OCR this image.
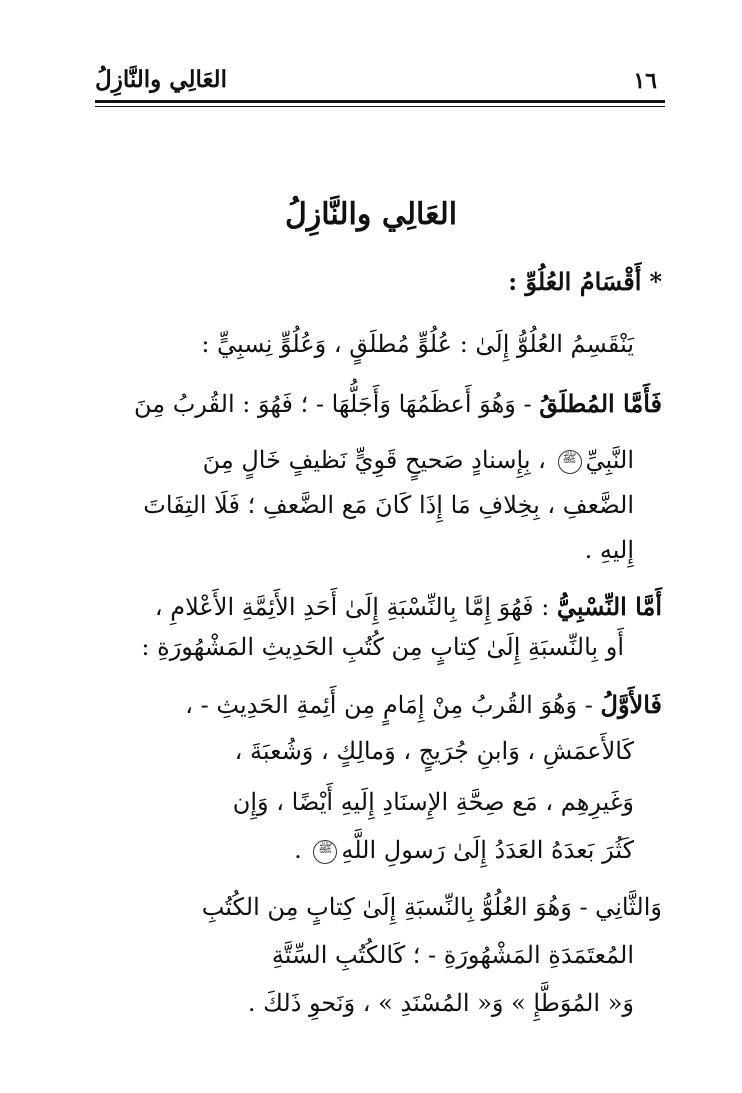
١٦
العَالِي والنَّازِلُ
العَالِي والنَّازِلُ
*أَقْسَامُ العُلُوِّ :
يَنْقَسِمُ العُلُوُّ إِلَىٰ : عُلُوٍّ مُطلَقٍ ، وَعُلُوٍّ نِسبِيٍّ :
فَأَمَّا المُطلَقُ - وَهُوَ أَعظَمُهَا وَأَجَلُّهَا - ؛ فَهُوَ : القُربُ مِنَ
النَّبِيِّﷺ ، بِإِسنادٍ صَحيحٍ قَوِيٍّ نَظيفٍ خَالٍ مِنَ
الضَّعفِ ، بِخِلافِ مَا إِذَا كَانَ مَع الضَّعفِ ؛ فَلَا التِفَاتَ
إِليهِ .
أَمَّا النِّسْبِيُّ : فَهُوَ إِمَّا بِالنِّسْبَةِ إِلَىٰ أَحَدِ الأَئِمَّةِ الأَعْلامِ ،
أَو بِالنِّسبَةِ إِلَىٰ كِتابٍ مِن كُتُبِ الحَدِيثِ المَشْهُورَةِ :
فَالأَوَّلُ - وَهُوَ القُربُ مِنْ إِمَامٍ مِن أَئِمةِ الحَدِيثِ - ،
كَالأَعمَشِ ، وَابنِ جُرَيجٍ ، وَمالِكٍ ، وَشُعبَةَ ،
وَغَيرِهِم ، مَع صِحَّةِ الإِسنَادِ إِلَيهِ أَيْضًا ، وَإِن
كَثُرَ بَعدَهُ العَدَدُ إِلَىٰ رَسولِ اللَّهِﷺ .
وَالثَّانِي - وَهُوَ العُلُوُّ بِالنِّسبَةِ إِلَىٰ كِتابٍ مِن الكُتُبِ
المُعتَمَدَةِ المَشْهُورَةِ - ؛ كَالكُتُبِ السِّتَّةِ
وَ« المُوَطَّإِ » وَ« المُسْنَدِ » ، وَنَحوِ ذَلكَ .
